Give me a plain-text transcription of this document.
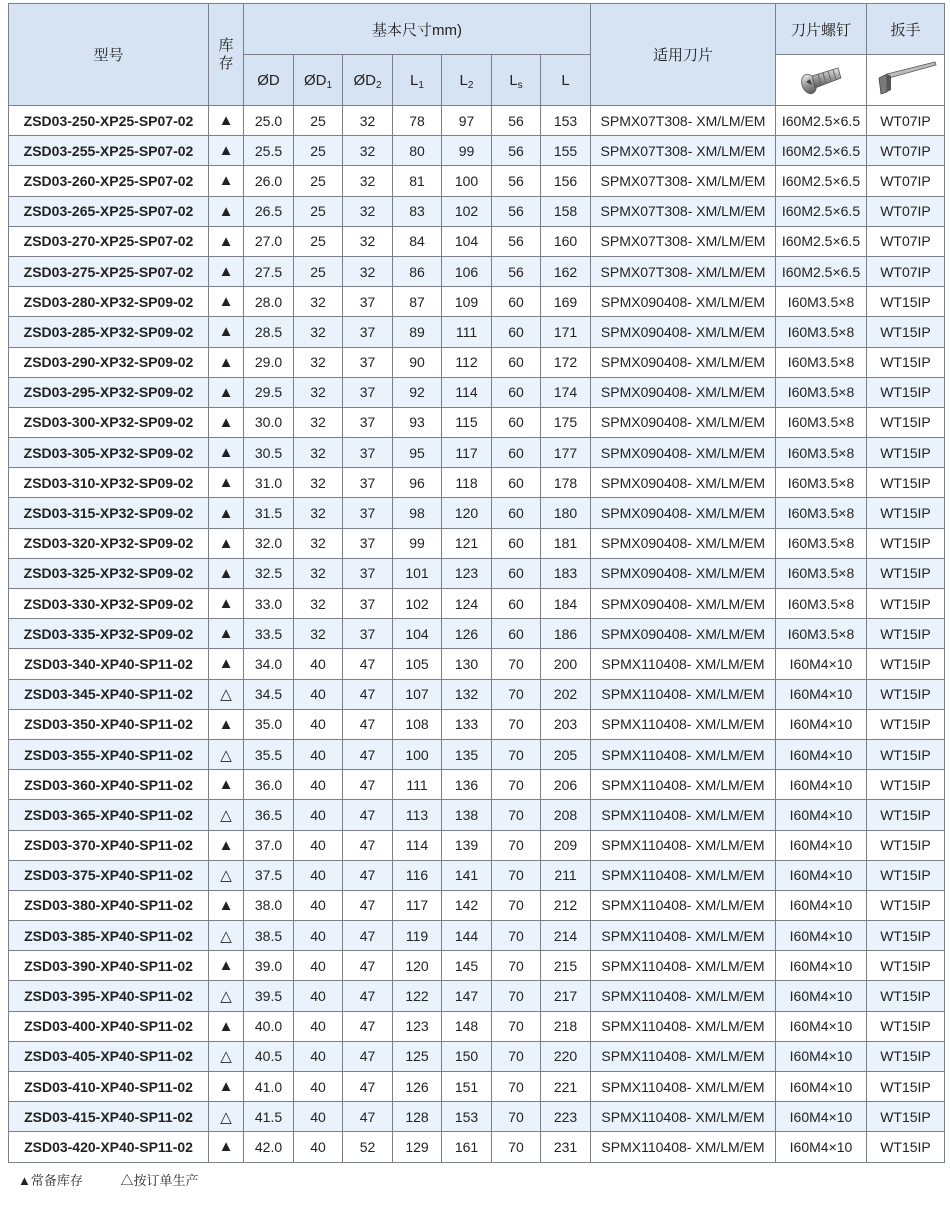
型号	库存	基本尺寸mm)							适用刀片	刀片螺钉	扳手
		ØD	$ØD_1$	$ØD_2$	$L_1$	$L_2$	$L_s$	L		
ZSD03-250-XP25-SP07-02	▲	25.0	25	32	78	97	56	153	SPMX07T308- XM/LM/EM	I60M2.5×6.5	WT07IP
ZSD03-255-XP25-SP07-02	▲	25.5	25	32	80	99	56	155	SPMX07T308- XM/LM/EM	I60M2.5×6.5	WT07IP
ZSD03-260-XP25-SP07-02	▲	26.0	25	32	81	100	56	156	SPMX07T308- XM/LM/EM	I60M2.5×6.5	WT07IP
ZSD03-265-XP25-SP07-02	▲	26.5	25	32	83	102	56	158	SPMX07T308- XM/LM/EM	I60M2.5×6.5	WT07IP
ZSD03-270-XP25-SP07-02	▲	27.0	25	32	84	104	56	160	SPMX07T308- XM/LM/EM	I60M2.5×6.5	WT07IP
ZSD03-275-XP25-SP07-02	▲	27.5	25	32	86	106	56	162	SPMX07T308- XM/LM/EM	I60M2.5×6.5	WT07IP
ZSD03-280-XP32-SP09-02	▲	28.0	32	37	87	109	60	169	SPMX090408- XM/LM/EM	I60M3.5×8	WT15IP
ZSD03-285-XP32-SP09-02	▲	28.5	32	37	89	111	60	171	SPMX090408- XM/LM/EM	I60M3.5×8	WT15IP
ZSD03-290-XP32-SP09-02	▲	29.0	32	37	90	112	60	172	SPMX090408- XM/LM/EM	I60M3.5×8	WT15IP
ZSD03-295-XP32-SP09-02	▲	29.5	32	37	92	114	60	174	SPMX090408- XM/LM/EM	I60M3.5×8	WT15IP
ZSD03-300-XP32-SP09-02	▲	30.0	32	37	93	115	60	175	SPMX090408- XM/LM/EM	I60M3.5×8	WT15IP
ZSD03-305-XP32-SP09-02	▲	30.5	32	37	95	117	60	177	SPMX090408- XM/LM/EM	I60M3.5×8	WT15IP
ZSD03-310-XP32-SP09-02	▲	31.0	32	37	96	118	60	178	SPMX090408- XM/LM/EM	I60M3.5×8	WT15IP
ZSD03-315-XP32-SP09-02	▲	31.5	32	37	98	120	60	180	SPMX090408- XM/LM/EM	I60M3.5×8	WT15IP
ZSD03-320-XP32-SP09-02	▲	32.0	32	37	99	121	60	181	SPMX090408- XM/LM/EM	I60M3.5×8	WT15IP
ZSD03-325-XP32-SP09-02	▲	32.5	32	37	101	123	60	183	SPMX090408- XM/LM/EM	I60M3.5×8	WT15IP
ZSD03-330-XP32-SP09-02	▲	33.0	32	37	102	124	60	184	SPMX090408- XM/LM/EM	I60M3.5×8	WT15IP
ZSD03-335-XP32-SP09-02	▲	33.5	32	37	104	126	60	186	SPMX090408- XM/LM/EM	I60M3.5×8	WT15IP
ZSD03-340-XP40-SP11-02	▲	34.0	40	47	105	130	70	200	SPMX110408- XM/LM/EM	I60M4×10	WT15IP
ZSD03-345-XP40-SP11-02	△	34.5	40	47	107	132	70	202	SPMX110408- XM/LM/EM	I60M4×10	WT15IP
ZSD03-350-XP40-SP11-02	▲	35.0	40	47	108	133	70	203	SPMX110408- XM/LM/EM	I60M4×10	WT15IP
ZSD03-355-XP40-SP11-02	△	35.5	40	47	100	135	70	205	SPMX110408- XM/LM/EM	I60M4×10	WT15IP
ZSD03-360-XP40-SP11-02	▲	36.0	40	47	111	136	70	206	SPMX110408- XM/LM/EM	I60M4×10	WT15IP
ZSD03-365-XP40-SP11-02	△	36.5	40	47	113	138	70	208	SPMX110408- XM/LM/EM	I60M4×10	WT15IP
ZSD03-370-XP40-SP11-02	▲	37.0	40	47	114	139	70	209	SPMX110408- XM/LM/EM	I60M4×10	WT15IP
ZSD03-375-XP40-SP11-02	△	37.5	40	47	116	141	70	211	SPMX110408- XM/LM/EM	I60M4×10	WT15IP
ZSD03-380-XP40-SP11-02	▲	38.0	40	47	117	142	70	212	SPMX110408- XM/LM/EM	I60M4×10	WT15IP
ZSD03-385-XP40-SP11-02	△	38.5	40	47	119	144	70	214	SPMX110408- XM/LM/EM	I60M4×10	WT15IP
ZSD03-390-XP40-SP11-02	▲	39.0	40	47	120	145	70	215	SPMX110408- XM/LM/EM	I60M4×10	WT15IP
ZSD03-395-XP40-SP11-02	△	39.5	40	47	122	147	70	217	SPMX110408- XM/LM/EM	I60M4×10	WT15IP
ZSD03-400-XP40-SP11-02	▲	40.0	40	47	123	148	70	218	SPMX110408- XM/LM/EM	I60M4×10	WT15IP
ZSD03-405-XP40-SP11-02	△	40.5	40	47	125	150	70	220	SPMX110408- XM/LM/EM	I60M4×10	WT15IP
ZSD03-410-XP40-SP11-02	▲	41.0	40	47	126	151	70	221	SPMX110408- XM/LM/EM	I60M4×10	WT15IP
ZSD03-415-XP40-SP11-02	△	41.5	40	47	128	153	70	223	SPMX110408- XM/LM/EM	I60M4×10	WT15IP
ZSD03-420-XP40-SP11-02	▲	42.0	40	52	129	161	70	231	SPMX110408- XM/LM/EM	I60M4×10	WT15IP
▲常备库存	△按订单生产
